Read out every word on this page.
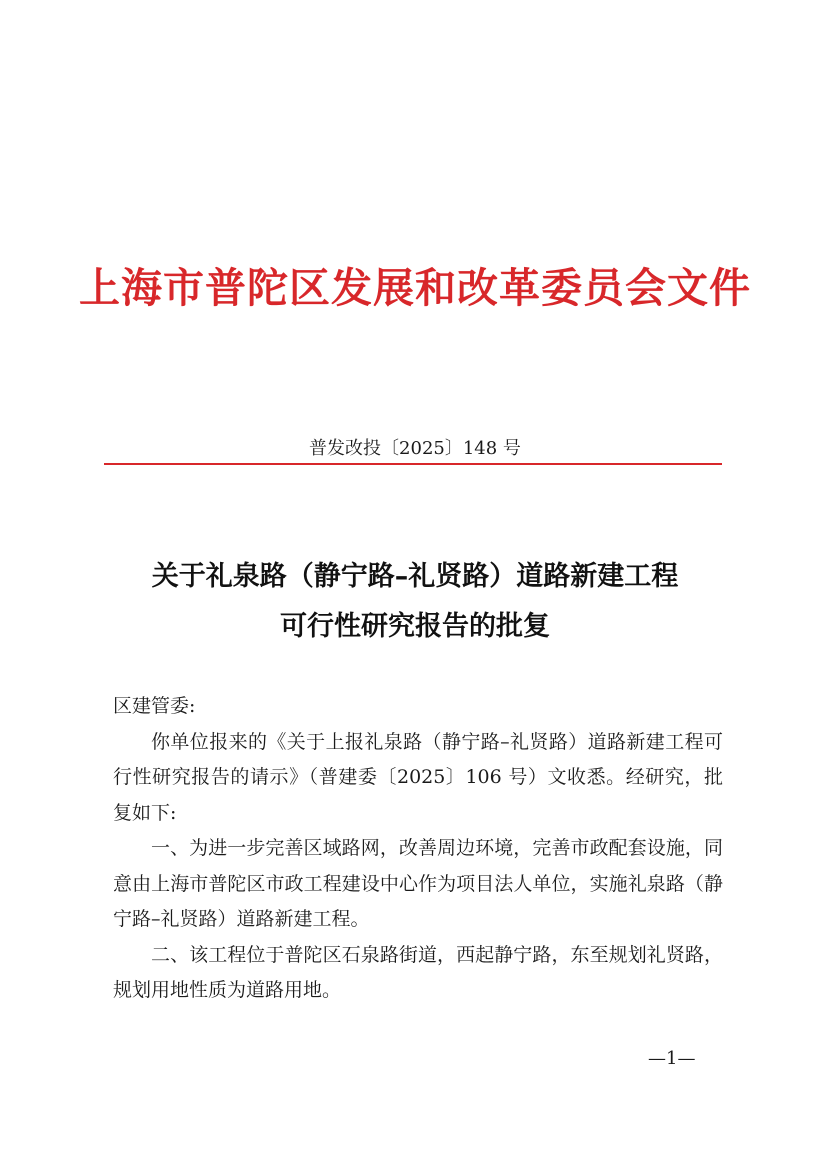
上海市普陀区发展和改革委员会文件
普发改投〔2025〕148 号
关于礼泉路（静宁路–礼贤路）道路新建工程
可行性研究报告的批复

区建管委:

你单位报来的《关于上报礼泉路（静宁路–礼贤路）道路新建工程可行性研究报告的请示》（普建委〔2025〕106 号）文收悉。经研究，批复如下:

一、为进一步完善区域路网，改善周边环境，完善市政配套设施，同意由上海市普陀区市政工程建设中心作为项目法人单位，实施礼泉路（静宁路–礼贤路）道路新建工程。

二、该工程位于普陀区石泉路街道，西起静宁路，东至规划礼贤路，规划用地性质为道路用地。

—1—
